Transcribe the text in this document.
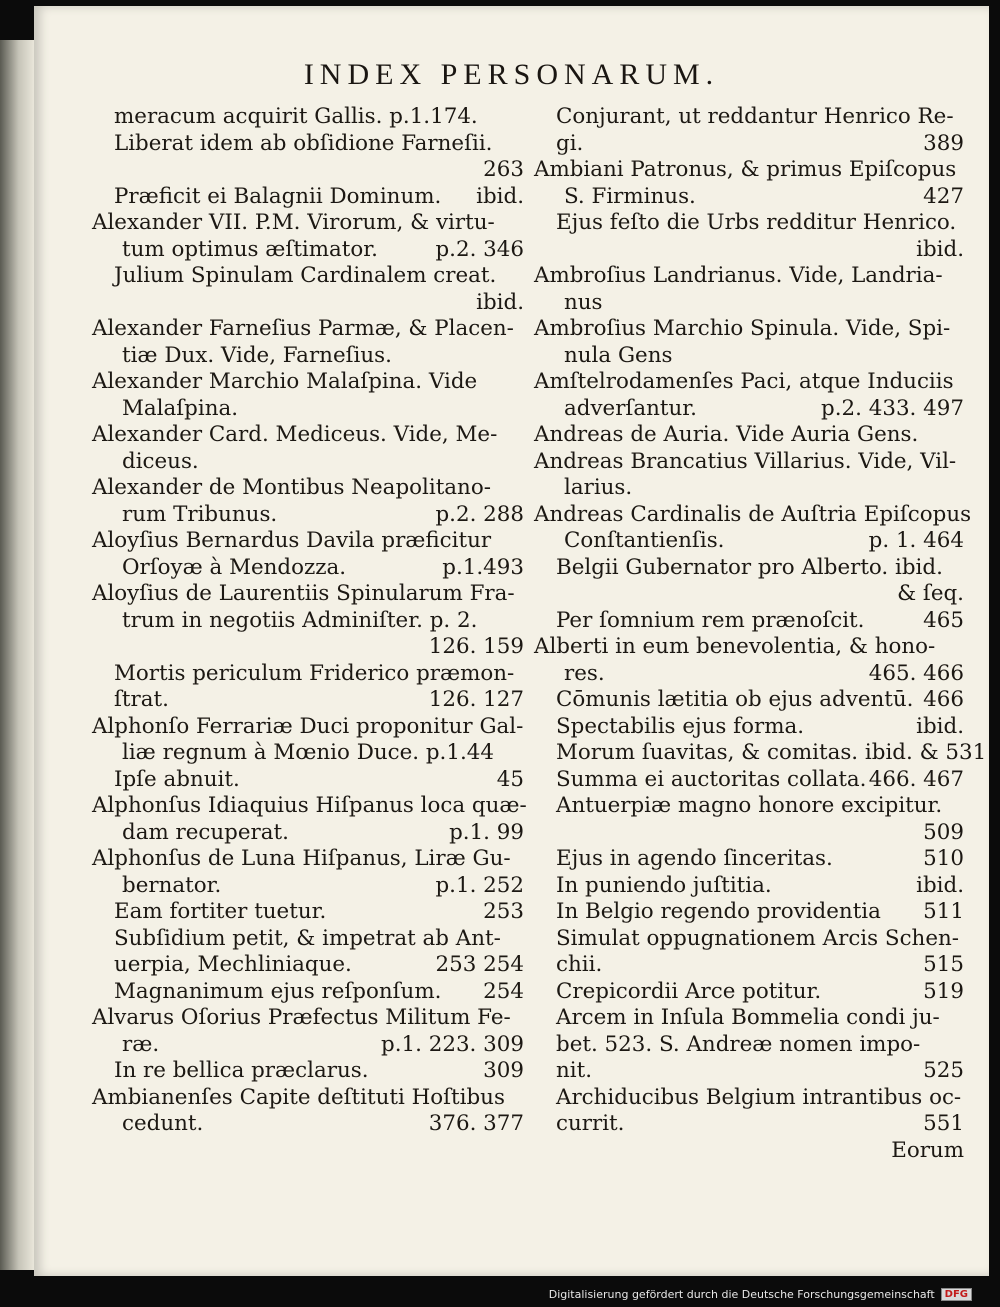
INDEX PERSONARUM.
meracum acquirit Gallis. p.1.174.
Liberat idem ab obſidione Farneſii.
263
Præficit ei Balagnii Dominum. ibid.
Alexander VII. P.M. Virorum, & virtu-
tum optimus æſtimator.	p.2. 346
Julium Spinulam Cardinalem creat.
ibid.
Alexander Farneſius Parmæ, & Placen-
tiæ Dux. Vide, Farneſius.
Alexander Marchio Malaſpina. Vide
Malaſpina.
Alexander Card. Mediceus. Vide, Me-
diceus.
Alexander de Montibus Neapolitano-
rum Tribunus.	p.2. 288
Aloyſius Bernardus Davila præficitur
Orſoyæ à Mendozza.	p.1.493
Aloyſius de Laurentiis Spinularum Fra-
trum in negotiis Adminiſter. p. 2.
126. 159
Mortis periculum Friderico præmon-
ſtrat.	126. 127
Alphonſo Ferrariæ Duci proponitur Gal-
liæ regnum à Mœnio Duce. p.1.44
Ipſe abnuit.	45
Alphonſus Idiaquius Hiſpanus loca quæ-
dam recuperat.	p.1. 99
Alphonſus de Luna Hiſpanus, Liræ Gu-
bernator.	p.1. 252
Eam fortiter tuetur.	253
Subſidium petit, & impetrat ab Ant-
uerpia, Mechliniaque.	253 254
Magnanimum ejus reſponſum. 254
Alvarus Oſorius Præfectus Militum Fe-
ræ.	p.1. 223. 309
In re bellica præclarus.	309
Ambianenſes Capite deſtituti Hoſtibus
cedunt.	376. 377
Conjurant, ut reddantur Henrico Re-
gi.	389
Ambiani Patronus, & primus Epiſcopus
S. Firminus.	427
Ejus feſto die Urbs redditur Henrico.
ibid.
Ambroſius Landrianus. Vide, Landria-
nus
Ambroſius Marchio Spinula. Vide, Spi-
nula Gens
Amſtelrodamenſes Paci, atque Induciis
adverſantur.	p.2. 433. 497
Andreas de Auria. Vide Auria Gens.
Andreas Brancatius Villarius. Vide, Vil-
larius.
Andreas Cardinalis de Auſtria Epiſcopus
Conſtantienſis.	p. 1. 464
Belgii Gubernator pro Alberto. ibid.
& ſeq.
Per ſomnium rem prænoſcit.	465
Alberti in eum benevolentia, & hono-
res.	465. 466
Cōmunis lætitia ob ejus adventū. 466
Spectabilis ejus forma.	ibid.
Morum ſuavitas, & comitas. ibid. & 531
Summa ei auctoritas collata. 466. 467
Antuerpiæ magno honore excipitur.
509
Ejus in agendo ſinceritas.	510
In puniendo juſtitia.	ibid.
In Belgio regendo providentia 511
Simulat oppugnationem Arcis Schen-
chii.	515
Crepicordii Arce potitur.	519
Arcem in Inſula Bommelia condi ju-
bet. 523. S. Andreæ nomen impo-
nit.	525
Archiducibus Belgium intrantibus oc-
currit.	551
Eorum
Digitalisierung gefördert durch die Deutsche Forschungsgemeinschaft	DFG
